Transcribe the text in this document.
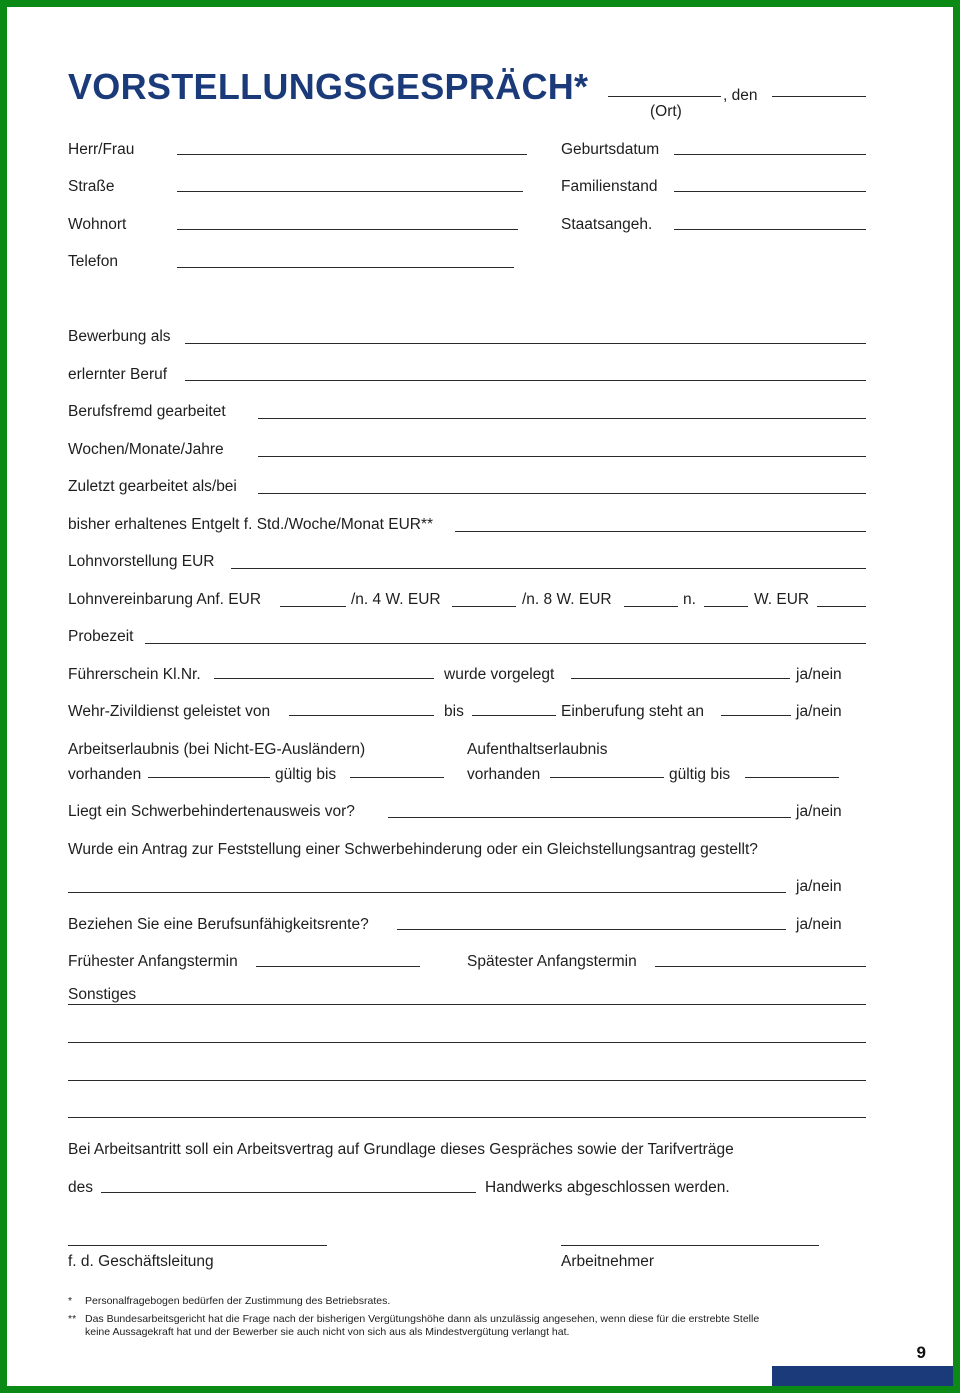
VORSTELLUNGSGESPRÄCH*	, den
(Ort)
Herr/Frau	Geburtsdatum
Straße	Familienstand
Wohnort	Staatsangeh.
Telefon
Bewerbung als
erlernter Beruf
Berufsfremd gearbeitet
Wochen/Monate/Jahre
Zuletzt gearbeitet als/bei
bisher erhaltenes Entgelt f. Std./Woche/Monat EUR**
Lohnvorstellung EUR
Lohnvereinbarung Anf. EUR	/n. 4 W. EUR	/n. 8 W. EUR	n.	W. EUR
Probezeit
Führerschein Kl.Nr.	wurde vorgelegt	ja/nein
Wehr-Zivildienst geleistet von	bis	Einberufung steht an	ja/nein
Arbeitserlaubnis (bei Nicht-EG-Ausländern)	Aufenthaltserlaubnis
vorhanden	gültig bis	vorhanden	gültig bis
Liegt ein Schwerbehindertenausweis vor?	ja/nein
Wurde ein Antrag zur Feststellung einer Schwerbehinderung oder ein Gleichstellungsantrag gestellt?
ja/nein
Beziehen Sie eine Berufsunfähigkeitsrente?	ja/nein
Frühester Anfangstermin	Spätester Anfangstermin
Sonstiges
Bei Arbeitsantritt soll ein Arbeitsvertrag auf Grundlage dieses Gespräches sowie der Tarifverträge
des	Handwerks abgeschlossen werden.
f. d. Geschäftsleitung	Arbeitnehmer
* Personalfragebogen bedürfen der Zustimmung des Betriebsrates.
** Das Bundesarbeitsgericht hat die Frage nach der bisherigen Vergütungshöhe dann als unzulässig angesehen, wenn diese für die erstrebte Stelle
keine Aussagekraft hat und der Bewerber sie auch nicht von sich aus als Mindestvergütung verlangt hat.
9
